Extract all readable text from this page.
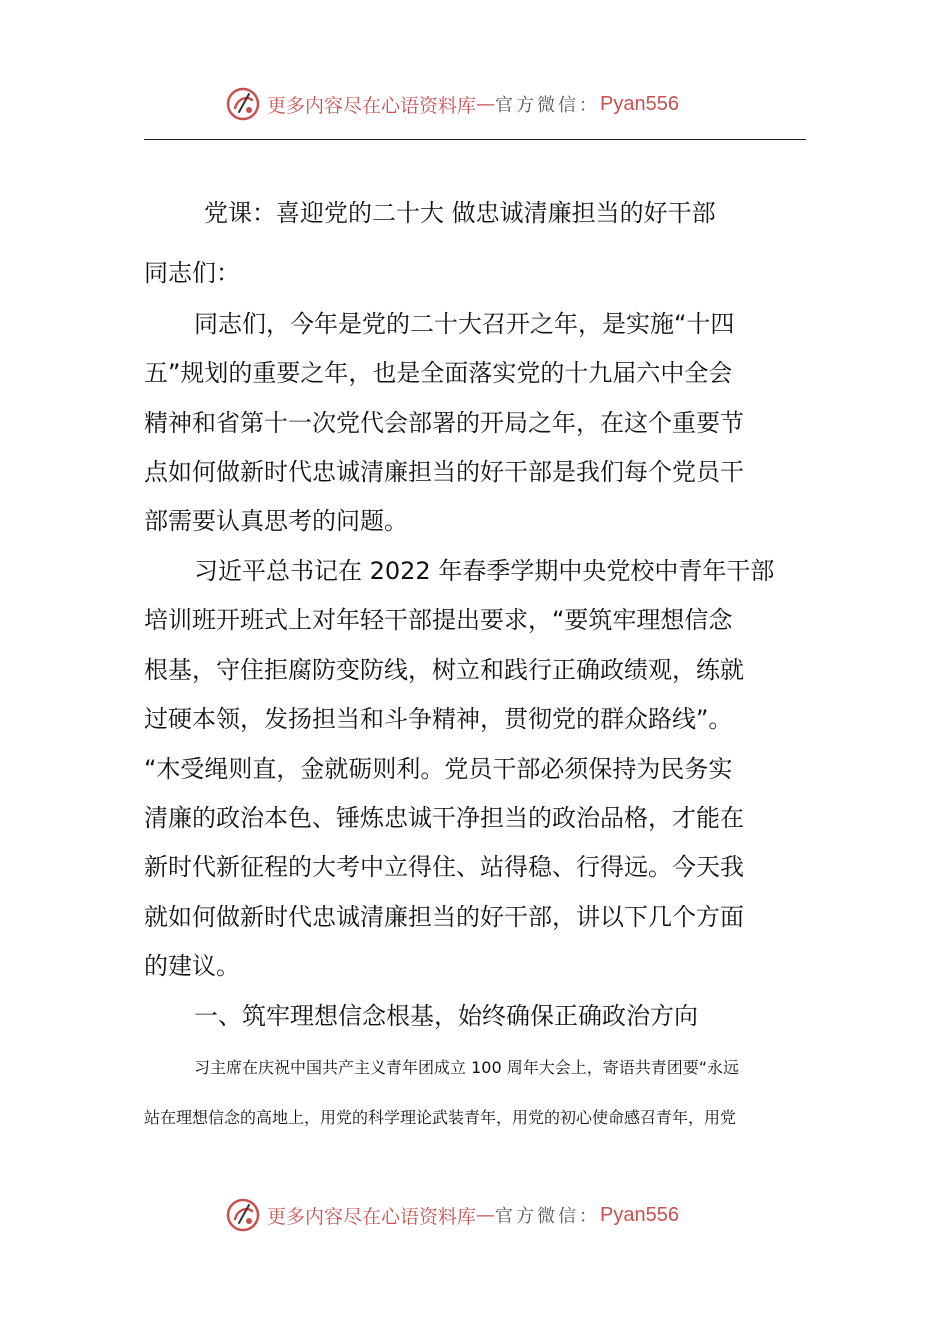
更多内容尽在心语资料库 — 官方微信： Pyan556
党课：喜迎党的二十大 做忠诚清廉担当的好干部
同志们：
同志们，今年是党的二十大召开之年，是实施“十四
五”规划的重要之年，也是全面落实党的十九届六中全会
精神和省第十一次党代会部署的开局之年，在这个重要节
点如何做新时代忠诚清廉担当的好干部是我们每个党员干
部需要认真思考的问题。
习近平总书记在 2022 年春季学期中央党校中青年干部
培训班开班式上对年轻干部提出要求，“要筑牢理想信念
根基，守住拒腐防变防线，树立和践行正确政绩观，练就
过硬本领，发扬担当和斗争精神，贯彻党的群众路线”。
“木受绳则直，金就砺则利。党员干部必须保持为民务实
清廉的政治本色、锤炼忠诚干净担当的政治品格，才能在
新时代新征程的大考中立得住、站得稳、行得远。今天我
就如何做新时代忠诚清廉担当的好干部，讲以下几个方面
的建议。
一、筑牢理想信念根基，始终确保正确政治方向
习主席在庆祝中国共产主义青年团成立 100 周年大会上，寄语共青团要“永远
站在理想信念的高地上，用党的科学理论武装青年，用党的初心使命感召青年，用党
更多内容尽在心语资料库 — 官方微信： Pyan556
